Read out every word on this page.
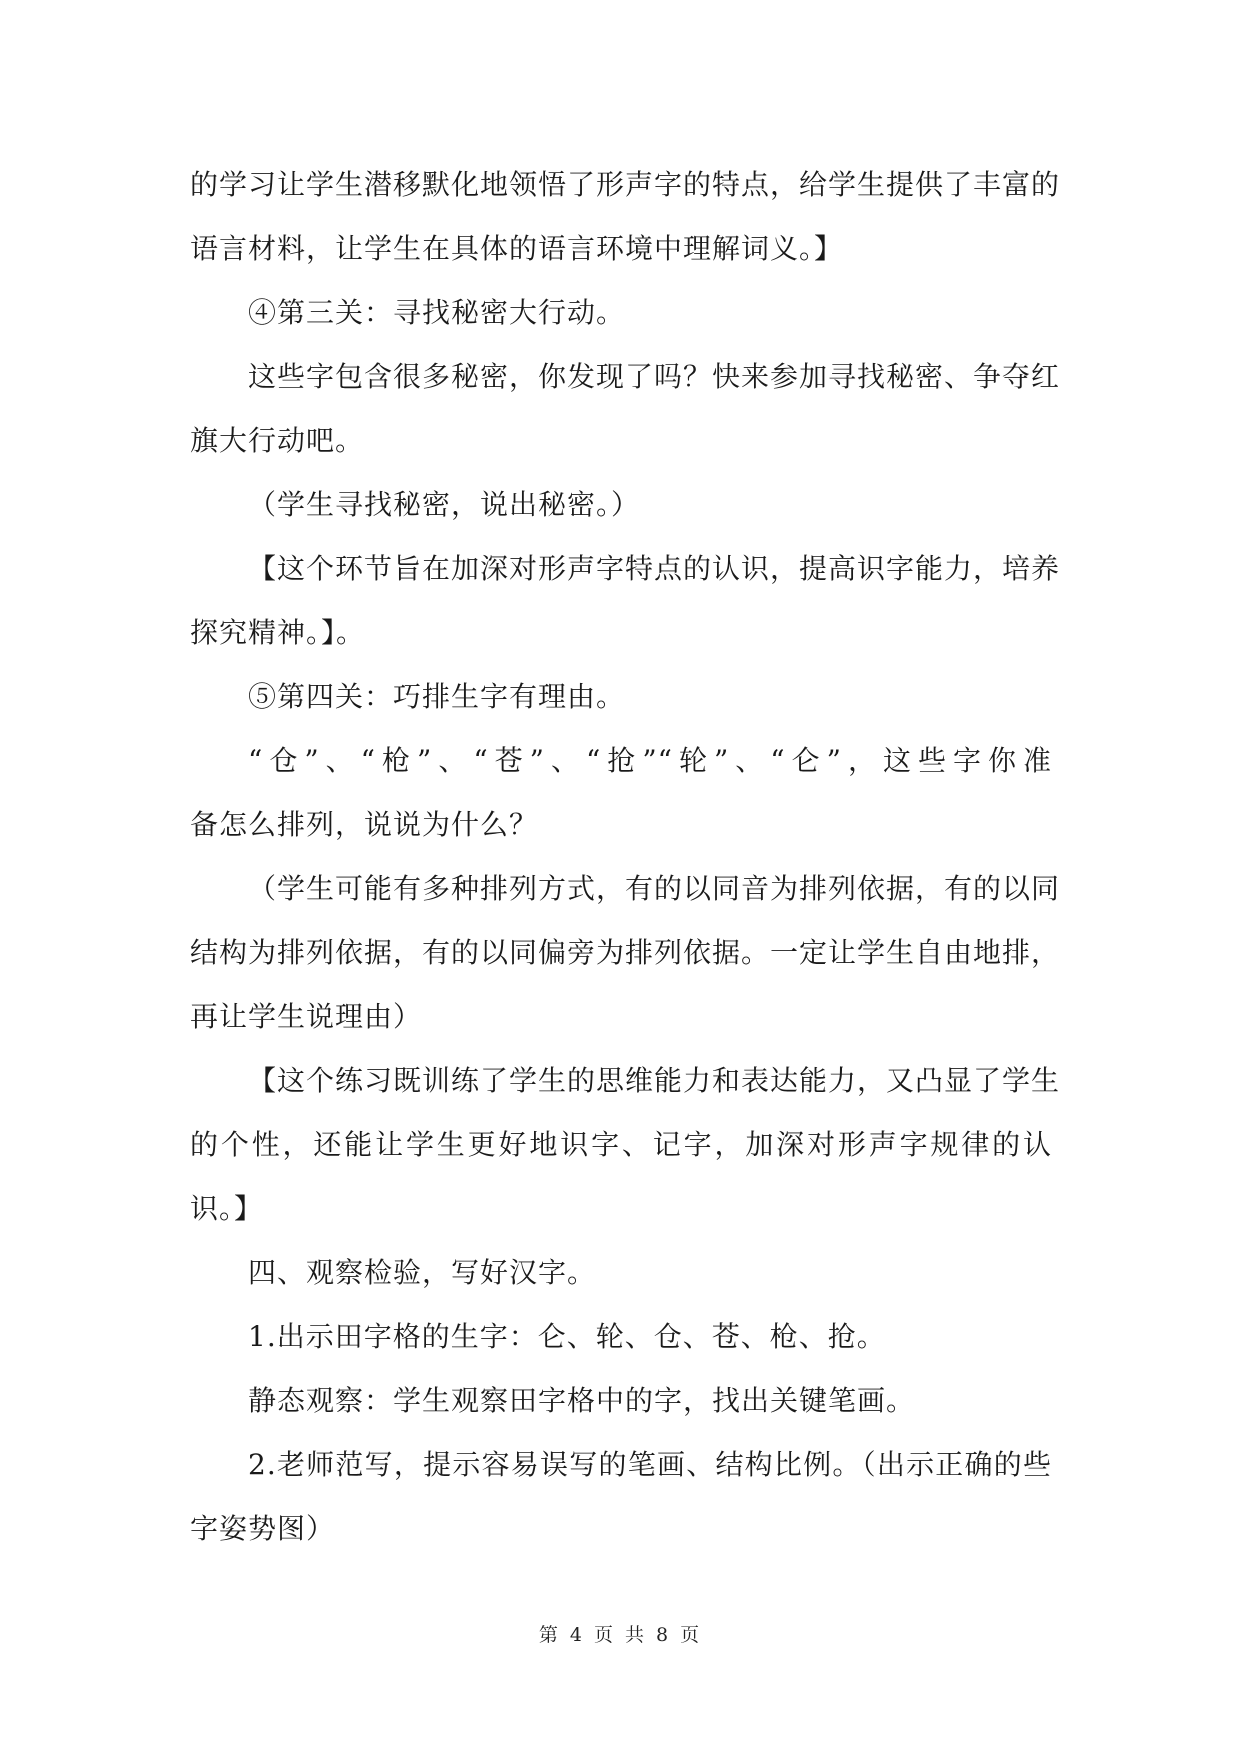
的学习让学生潜移默化地领悟了形声字的特点，给学生提供了丰富的
语言材料，让学生在具体的语言环境中理解词义。】
④第三关：寻找秘密大行动。
这些字包含很多秘密，你发现了吗？快来参加寻找秘密、争夺红
旗大行动吧。
（学生寻找秘密，说出秘密。）
【这个环节旨在加深对形声字特点的认识，提高识字能力，培养
探究精神。】。
⑤第四关：巧排生字有理由。
“仓”、“枪”、“苍”、“抢”“轮”、“仑”，这些字你准
备怎么排列，说说为什么？
（学生可能有多种排列方式，有的以同音为排列依据，有的以同
结构为排列依据，有的以同偏旁为排列依据。一定让学生自由地排，
再让学生说理由）
【这个练习既训练了学生的思维能力和表达能力，又凸显了学生
的个性，还能让学生更好地识字、记字，加深对形声字规律的认
识。】
四、观察检验，写好汉字。
1.出示田字格的生字：仑、轮、仓、苍、枪、抢。
静态观察：学生观察田字格中的字，找出关键笔画。
2.老师范写，提示容易误写的笔画、结构比例。（出示正确的些
字姿势图）
第 4 页 共 8 页
